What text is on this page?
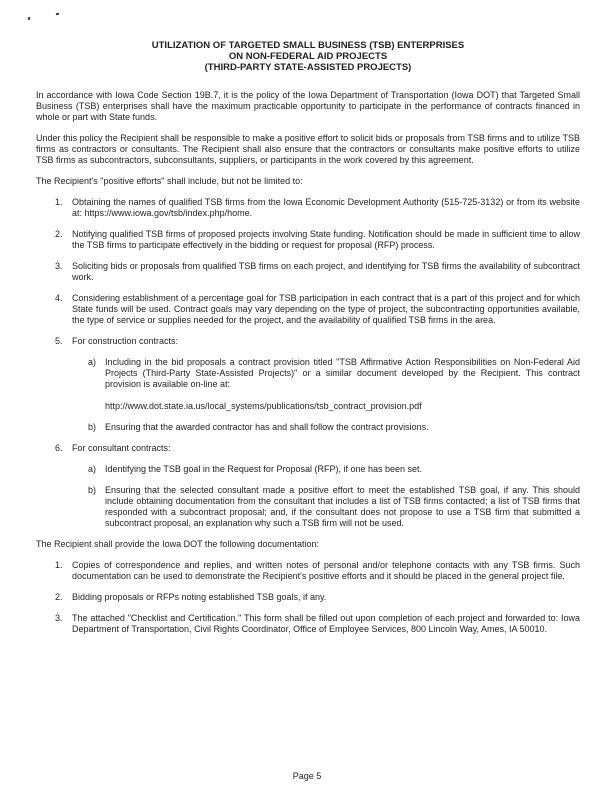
UTILIZATION OF TARGETED SMALL BUSINESS (TSB) ENTERPRISES
ON NON-FEDERAL AID PROJECTS
(THIRD-PARTY STATE-ASSISTED PROJECTS)

In accordance with Iowa Code Section 19B.7, it is the policy of the Iowa Department of Transportation (Iowa DOT) that Targeted Small Business (TSB) enterprises shall have the maximum practicable opportunity to participate in the performance of contracts financed in whole or part with State funds.

Under this policy the Recipient shall be responsible to make a positive effort to solicit bids or proposals from TSB firms and to utilize TSB firms as contractors or consultants. The Recipient shall also ensure that the contractors or consultants make positive efforts to utilize TSB firms as subcontractors, subconsultants, suppliers, or participants in the work covered by this agreement.

The Recipient's "positive efforts" shall include, but not be limited to:

1.	Obtaining the names of qualified TSB firms from the Iowa Economic Development Authority (515-725-3132) or from its website at: https://www.iowa.gov/tsb/index.php/home.
2.	Notifying qualified TSB firms of proposed projects involving State funding. Notification should be made in sufficient time to allow the TSB firms to participate effectively in the bidding or request for proposal (RFP) process.
3.	Soliciting bids or proposals from qualified TSB firms on each project, and identifying for TSB firms the availability of subcontract work.
4.	Considering establishment of a percentage goal for TSB participation in each contract that is a part of this project and for which State funds will be used. Contract goals may vary depending on the type of project, the subcontracting opportunities available, the type of service or supplies needed for the project, and the availability of qualified TSB firms in the area.
5.	For construction contracts:
a) Including in the bid proposals a contract provision titled "TSB Affirmative Action Responsibilities on Non-Federal Aid Projects (Third-Party State-Assisted Projects)" or a similar document developed by the Recipient. This contract provision is available on-line at:
http://www.dot.state.ia.us/local_systems/publications/tsb_contract_provision.pdf
b) Ensuring that the awarded contractor has and shall follow the contract provisions.
6.	For consultant contracts:
a) Identifying the TSB goal in the Request for Proposal (RFP), if one has been set.
b) Ensuring that the selected consultant made a positive effort to meet the established TSB goal, if any. This should include obtaining documentation from the consultant that includes a list of TSB firms contacted; a list of TSB firms that responded with a subcontract proposal; and, if the consultant does not propose to use a TSB firm that submitted a subcontract proposal, an explanation why such a TSB firm will not be used.

The Recipient shall provide the Iowa DOT the following documentation:

1.	Copies of correspondence and replies, and written notes of personal and/or telephone contacts with any TSB firms. Such documentation can be used to demonstrate the Recipient's positive efforts and it should be placed in the general project file.
2.	Bidding proposals or RFPs noting established TSB goals, if any.
3.	The attached "Checklist and Certification." This form shall be filled out upon completion of each project and forwarded to: Iowa Department of Transportation, Civil Rights Coordinator, Office of Employee Services, 800 Lincoln Way, Ames, IA 50010.
Page 5
